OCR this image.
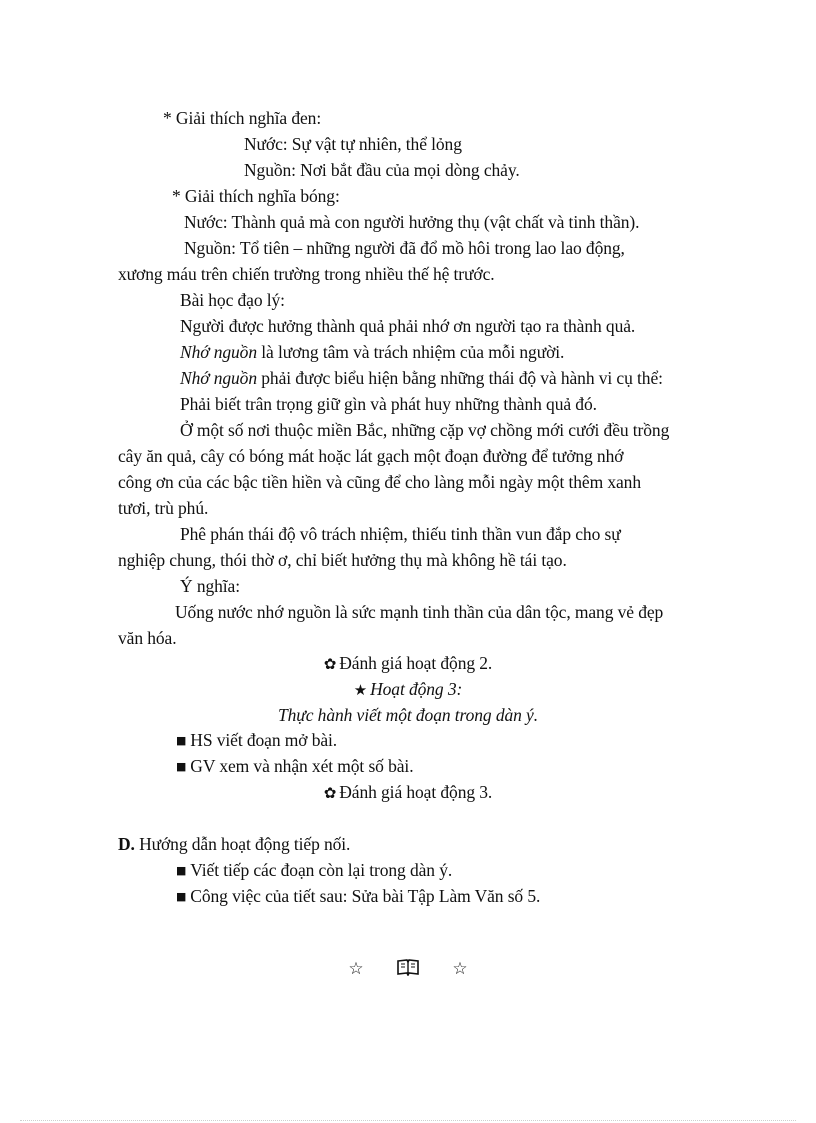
* Giải thích nghĩa đen:
Nước: Sự vật tự nhiên, thể lỏng
Nguồn: Nơi bắt đầu của mọi dòng chảy.
* Giải thích nghĩa bóng:
Nước: Thành quả mà con người hưởng thụ (vật chất và tinh thần).
Nguồn: Tổ tiên – những người đã đổ mồ hôi trong lao lao động,
xương máu trên chiến trường trong nhiều thế hệ trước.
Bài học đạo lý:
Người được hưởng thành quả phải nhớ ơn người tạo ra thành quả.
Nhớ nguồn là lương tâm và trách nhiệm của mỗi người.
Nhớ nguồn phải được biểu hiện bằng những thái độ và hành vi cụ thể:
Phải biết trân trọng giữ gìn và phát huy những thành quả đó.
Ở một số nơi thuộc miền Bắc, những cặp vợ chồng mới cưới đều trồng
cây ăn quả, cây có bóng mát hoặc lát gạch một đoạn đường để tưởng nhớ
công ơn của các bậc tiền hiền và cũng để cho làng mỗi ngày một thêm xanh
tươi, trù phú.
Phê phán thái độ vô trách nhiệm, thiếu tinh thần vun đắp cho sự
nghiệp chung, thói thờ ơ, chỉ biết hưởng thụ mà không hề tái tạo.
Ý nghĩa:
Uống nước nhớ nguồn là sức mạnh tinh thần của dân tộc, mang vẻ đẹp
văn hóa.
✿ Đánh giá hoạt động 2.
★ Hoạt động 3:
Thực hành viết một đoạn trong dàn ý.
■ HS viết đoạn mở bài.
■ GV xem và nhận xét một số bài.
✿ Đánh giá hoạt động 3.
D. Hướng dẫn hoạt động tiếp nối.
■ Viết tiếp các đoạn còn lại trong dàn ý.
■ Công việc của tiết sau: Sửa bài Tập Làm Văn số 5.
☆	☆
